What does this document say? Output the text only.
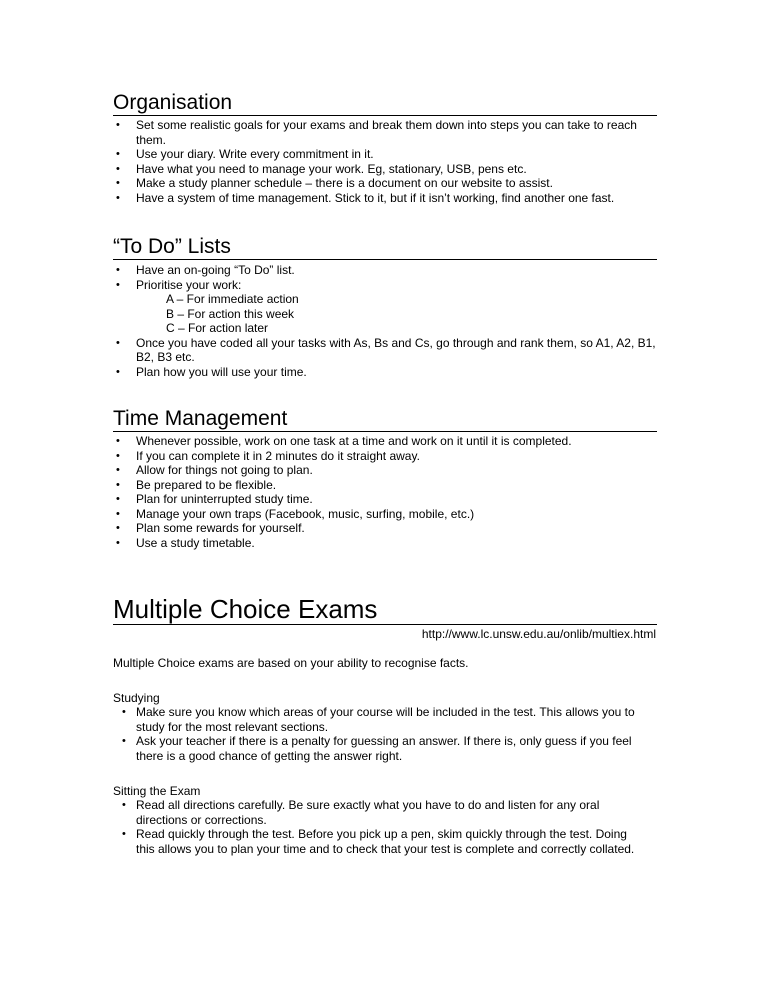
Organisation
• Set some realistic goals for your exams and break them down into steps you can take to reach them.
• Use your diary. Write every commitment in it.
• Have what you need to manage your work. Eg, stationary, USB, pens etc.
• Make a study planner schedule – there is a document on our website to assist.
• Have a system of time management. Stick to it, but if it isn’t working, find another one fast.
“To Do” Lists
• Have an on-going “To Do” list.
• Prioritise your work:
A – For immediate action
B – For action this week
C – For action later
• Once you have coded all your tasks with As, Bs and Cs, go through and rank them, so A1, A2, B1, B2, B3 etc.
• Plan how you will use your time.
Time Management
• Whenever possible, work on one task at a time and work on it until it is completed.
• If you can complete it in 2 minutes do it straight away.
• Allow for things not going to plan.
• Be prepared to be flexible.
• Plan for uninterrupted study time.
• Manage your own traps (Facebook, music, surfing, mobile, etc.)
• Plan some rewards for yourself.
• Use a study timetable.
Multiple Choice Exams
http://www.lc.unsw.edu.au/onlib/multiex.html

Multiple Choice exams are based on your ability to recognise facts.

Studying

• Make sure you know which areas of your course will be included in the test. This allows you to study for the most relevant sections.
• Ask your teacher if there is a penalty for guessing an answer. If there is, only guess if you feel there is a good chance of getting the answer right.

Sitting the Exam

• Read all directions carefully. Be sure exactly what you have to do and listen for any oral directions or corrections.
• Read quickly through the test. Before you pick up a pen, skim quickly through the test. Doing this allows you to plan your time and to check that your test is complete and correctly collated.
